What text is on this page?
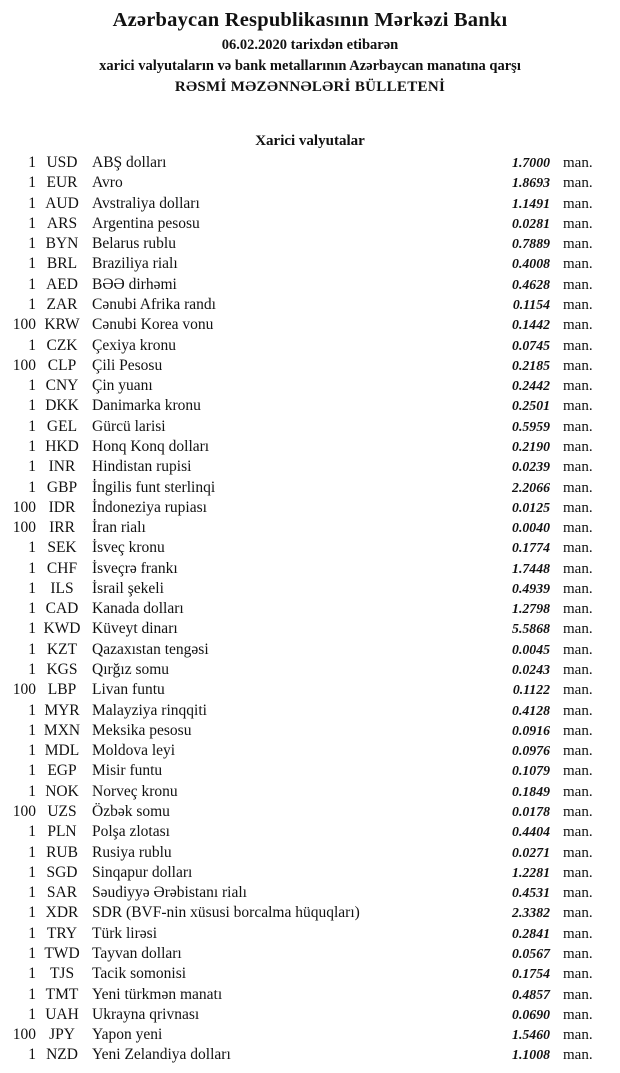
Azərbaycan Respublikasının Mərkəzi Bankı
06.02.2020 tarixdən etibarən
xarici valyutaların və bank metallarının Azərbaycan manatına qarşı
RƏSMİ MƏZƏNNƏLƏRİ BÜLLETENİ
Xarici valyutalar
1 USD ABŞ dolları	1.7000 man.
1 EUR Avro	1.8693 man.
1 AUD Avstraliya dolları	1.1491 man.
1 ARS Argentina pesosu	0.0281 man.
1 BYN Belarus rublu	0.7889 man.
1 BRL Braziliya rialı	0.4008 man.
1 AED BƏƏ dirhəmi	0.4628 man.
1 ZAR Cənubi Afrika randı	0.1154 man.
100 KRW Cənubi Korea vonu	0.1442 man.
1 CZK Çexiya kronu	0.0745 man.
100 CLP	Çili Pesosu	0.2185 man.
1 CNY Çin yuanı	0.2442 man.
1 DKK Danimarka kronu	0.2501 man.
1 GEL Gürcü larisi	0.5959 man.
1 HKD Honq Konq dolları	0.2190 man.
1 INR	Hindistan rupisi	0.0239 man.
1 GBP İngilis funt sterlinqi	2.2066 man.
100 IDR	İndoneziya rupiası	0.0125 man.
100 IRR	İran rialı	0.0040 man.
1 SEK İsveç kronu	0.1774 man.
1 CHF İsveçrə frankı	1.7448 man.
1 ILS	İsrail şekeli	0.4939 man.
1 CAD Kanada dolları	1.2798 man.
1 KWD Küveyt dinarı	5.5868 man.
1 KZT Qazaxıstan tengəsi	0.0045 man.
1 KGS Qırğız somu	0.0243 man.
100 LBP	Livan funtu	0.1122 man.
1 MYR Malayziya rinqqiti	0.4128 man.
1 MXN Meksika pesosu	0.0916 man.
1 MDL Moldova leyi	0.0976 man.
1 EGP Misir funtu	0.1079 man.
1 NOK Norveç kronu	0.1849 man.
100 UZS Özbək somu	0.0178 man.
1 PLN Polşa zlotası	0.4404 man.
1 RUB Rusiya rublu	0.0271 man.
1 SGD Sinqapur dolları	1.2281 man.
1 SAR Səudiyyə Ərəbistanı rialı	0.4531 man.
1 XDR SDR (BVF-nin xüsusi borcalma hüquqları)	2.3382 man.
1 TRY Türk lirəsi	0.2841 man.
1 TWD Tayvan dolları	0.0567 man.
1 TJS	Tacik somonisi	0.1754 man.
1 TMT Yeni türkmən manatı	0.4857 man.
1 UAH Ukrayna qrivnası	0.0690 man.
100 JPY	Yapon yeni	1.5460 man.
1 NZD Yeni Zelandiya dolları	1.1008 man.
